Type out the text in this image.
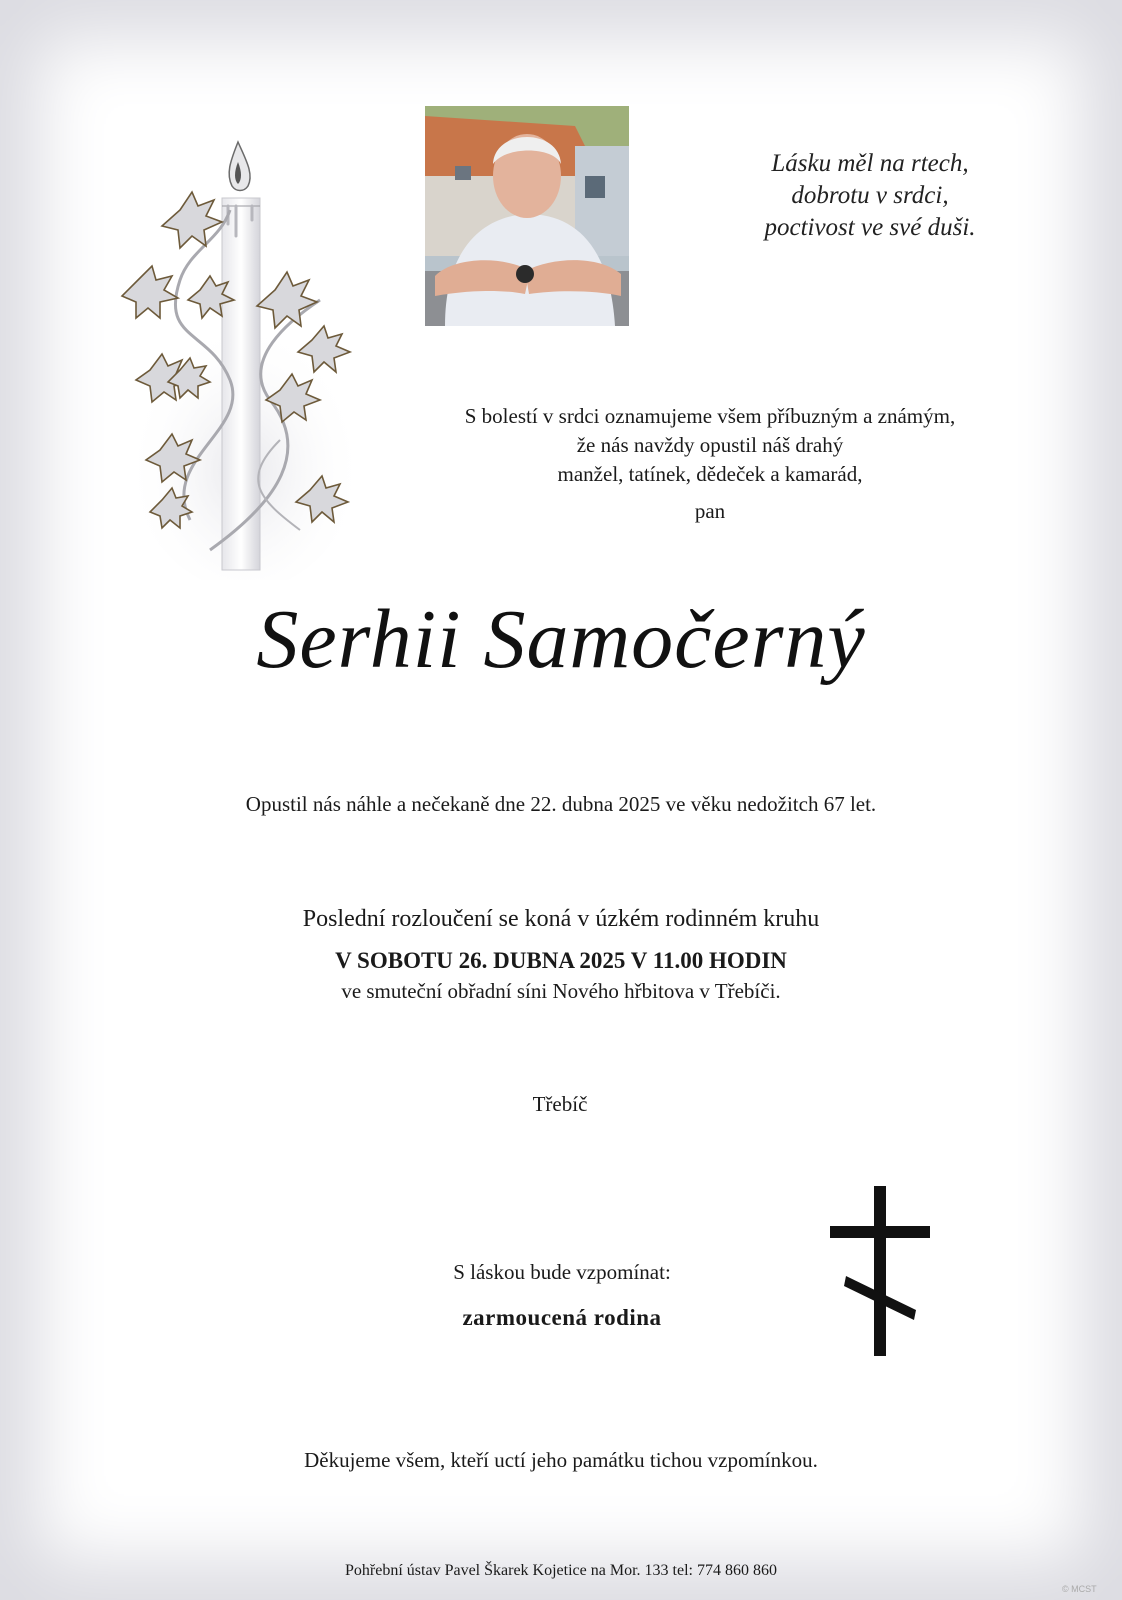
Lásku měl na rtech,
dobrotu v srdci,
poctivost ve své duši.
S bolestí v srdci oznamujeme všem příbuzným a známým,
že nás navždy opustil náš drahý
manžel, tatínek, dědeček a kamarád,
pan
Serhii Samočerný
Opustil nás náhle a nečekaně dne 22. dubna 2025 ve věku nedožitch 67 let.
Poslední rozloučení se koná v úzkém rodinném kruhu
V SOBOTU 26. DUBNA 2025 V 11.00 HODIN
ve smuteční obřadní síni Nového hřbitova v Třebíči.
Třebíč
S láskou bude vzpomínat:
zarmoucená rodina
Děkujeme všem, kteří uctí jeho památku tichou vzpomínkou.
Pohřební ústav Pavel Škarek Kojetice na Mor. 133 tel: 774 860 860
© MCST
